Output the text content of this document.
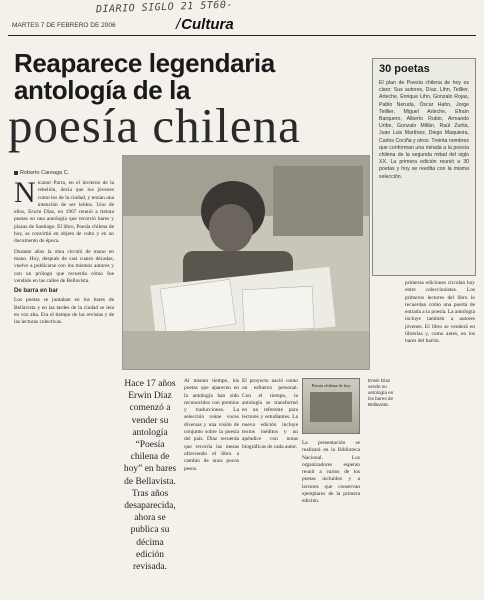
DIARIO SIGLO 21 5T60-
MARTES 7 DE FEBRERO DE 2006	/Cultura
Reaparece legendaria
antología de la
poesía chilena
30 poetas
El plan de Poesía chilena de hoy es claro: Sus autores, Díaz, Lihn, Teillier, Arteche, Enrique Lihn, Gonzalo Rojas, Pablo Neruda, Óscar Hahn, Jorge Teillier, Miguel Arteche, Efraín Barquero, Alberto Rubio, Armando Uribe, Gonzalo Millán, Raúl Zurita, Juan Luis Martínez, Diego Maquieira, Carlos Cociña y otros. Treinta nombres que conforman una mirada a la poesía chilena de la segunda mitad del siglo XX. La primera edición reunió a 30 poetas y hoy se reedita con la misma selección.
Roberto Careaga C.
N icanor Parra, en el invierno de la rebelión, decía que los jóvenes como los de la ciudad, y tenían una intención de ser leídos. Uno de ellos, Erwin Díaz, en 1967 reunió a treinta poetas en una antología que recorrió bares y plazas de Santiago. El libro, Poesía chilena de hoy, se convirtió en objeto de culto y en un documento de época.

Durante años la obra circuló de mano en mano. Hoy, después de casi cuatro décadas, vuelve a publicarse con los mismos autores y con un prólogo que recuerda cómo fue vendido en las calles de Bellavista.

De barra en bar

Los poetas se juntaban en los bares de Bellavista y en las tardes de la ciudad se leía en voz alta. Era el tiempo de las revistas y de las lecturas colectivas.

Hace 17 años Erwin Díaz comenzó a vender su antología “Poesía chilena de hoy” en bares de Bellavista. Tras años desaparecida, ahora se publica su décima edición revisada.
Al mismo tiempo, los poetas que aparecen en la antología han sido reconocidos con premios y traducciones. La selección reúne voces diversas y una visión de conjunto sobre la poesía del país. Díaz recuerda que recorría las mesas ofreciendo el libro a cambio de unos pocos pesos.
El proyecto nació como un esfuerzo personal. Con el tiempo, la antología se transformó en un referente para lectores y estudiantes. La nueva edición incluye textos inéditos y un apéndice con notas biográficas de cada autor.
Poesía chilena de hoy
La presentación se realizará en la Biblioteca Nacional. Los organizadores esperan reunir a varios de los poetas incluidos y a lectores que conservan ejemplares de la primera edición.
Erwin Díaz vende su antología en los bares de Bellavista.
primeras ediciones circulan hoy entre coleccionistas. Los primeros lectores del libro lo recuerdan como una puerta de entrada a la poesía. La antología incluye también a autores jóvenes. El libro se venderá en librerías y, como antes, en los bares del barrio.
